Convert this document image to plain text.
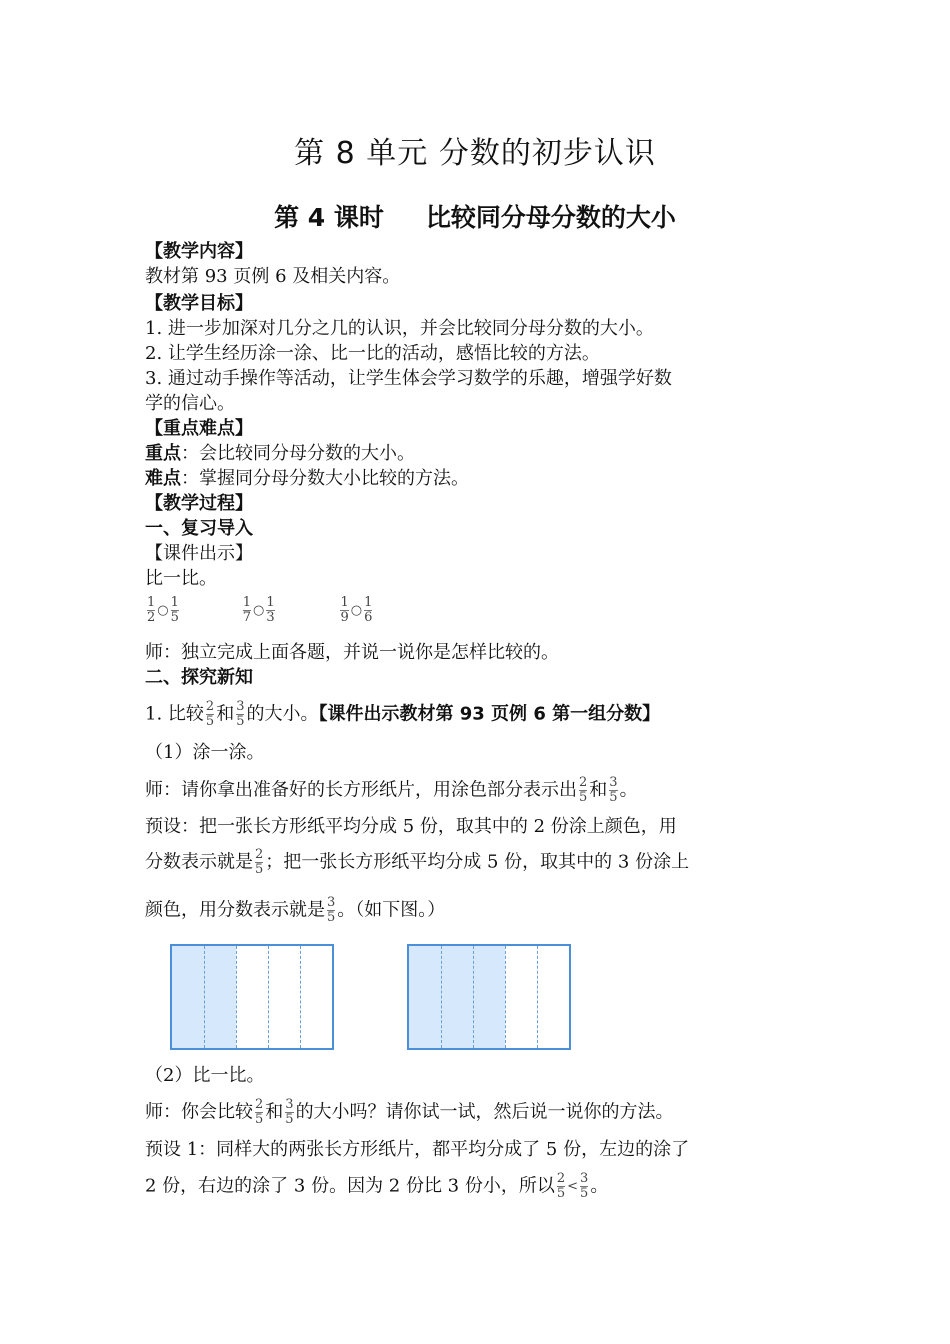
第 8 单元 分数的初步认识
第 4 课时 比较同分母分数的大小
【教学内容】
教材第 93 页例 6 及相关内容。
【教学目标】
1. 进一步加深对几分之几的认识，并会比较同分母分数的大小。
2. 让学生经历涂一涂、比一比的活动，感悟比较的方法。
3. 通过动手操作等活动，让学生体会学习数学的乐趣，增强学好数
学的信心。
【重点难点】
重点：会比较同分母分数的大小。
难点：掌握同分母分数大小比较的方法。
【教学过程】
一、复习导入
【课件出示】
比一比。
$\frac{1}{2}$ ○ $\frac{1}{5}$
	$\frac{1}{7}$ ○ $\frac{1}{3}$
	$\frac{1}{9}$ ○ $\frac{1}{6}$
师：独立完成上面各题，并说一说你是怎样比较的。
二、探究新知
1. 比较 $\frac{2}{5}$ 和 $\frac{3}{5}$ 的大小。【课件出示教材第 93 页例 6 第一组分数】
（1）涂一涂。
师：请你拿出准备好的长方形纸片，用涂色部分表示出 $\frac{2}{5}$ 和 $\frac{3}{5}$ 。
预设：把一张长方形纸平均分成 5 份，取其中的 2 份涂上颜色，用
分数表示就是 $\frac{2}{5}$ ；把一张长方形纸平均分成 5 份，取其中的 3 份涂上
颜色，用分数表示就是 $\frac{3}{5}$ 。（如下图。）
（2）比一比。
师：你会比较 $\frac{2}{5}$ 和 $\frac{3}{5}$ 的大小吗？请你试一试，然后说一说你的方法。
预设 1：同样大的两张长方形纸片，都平均分成了 5 份，左边的涂了
2 份，右边的涂了 3 份。因为 2 份比 3 份小，所以 $\frac{2}{5} < \frac{3}{5}$ 。
